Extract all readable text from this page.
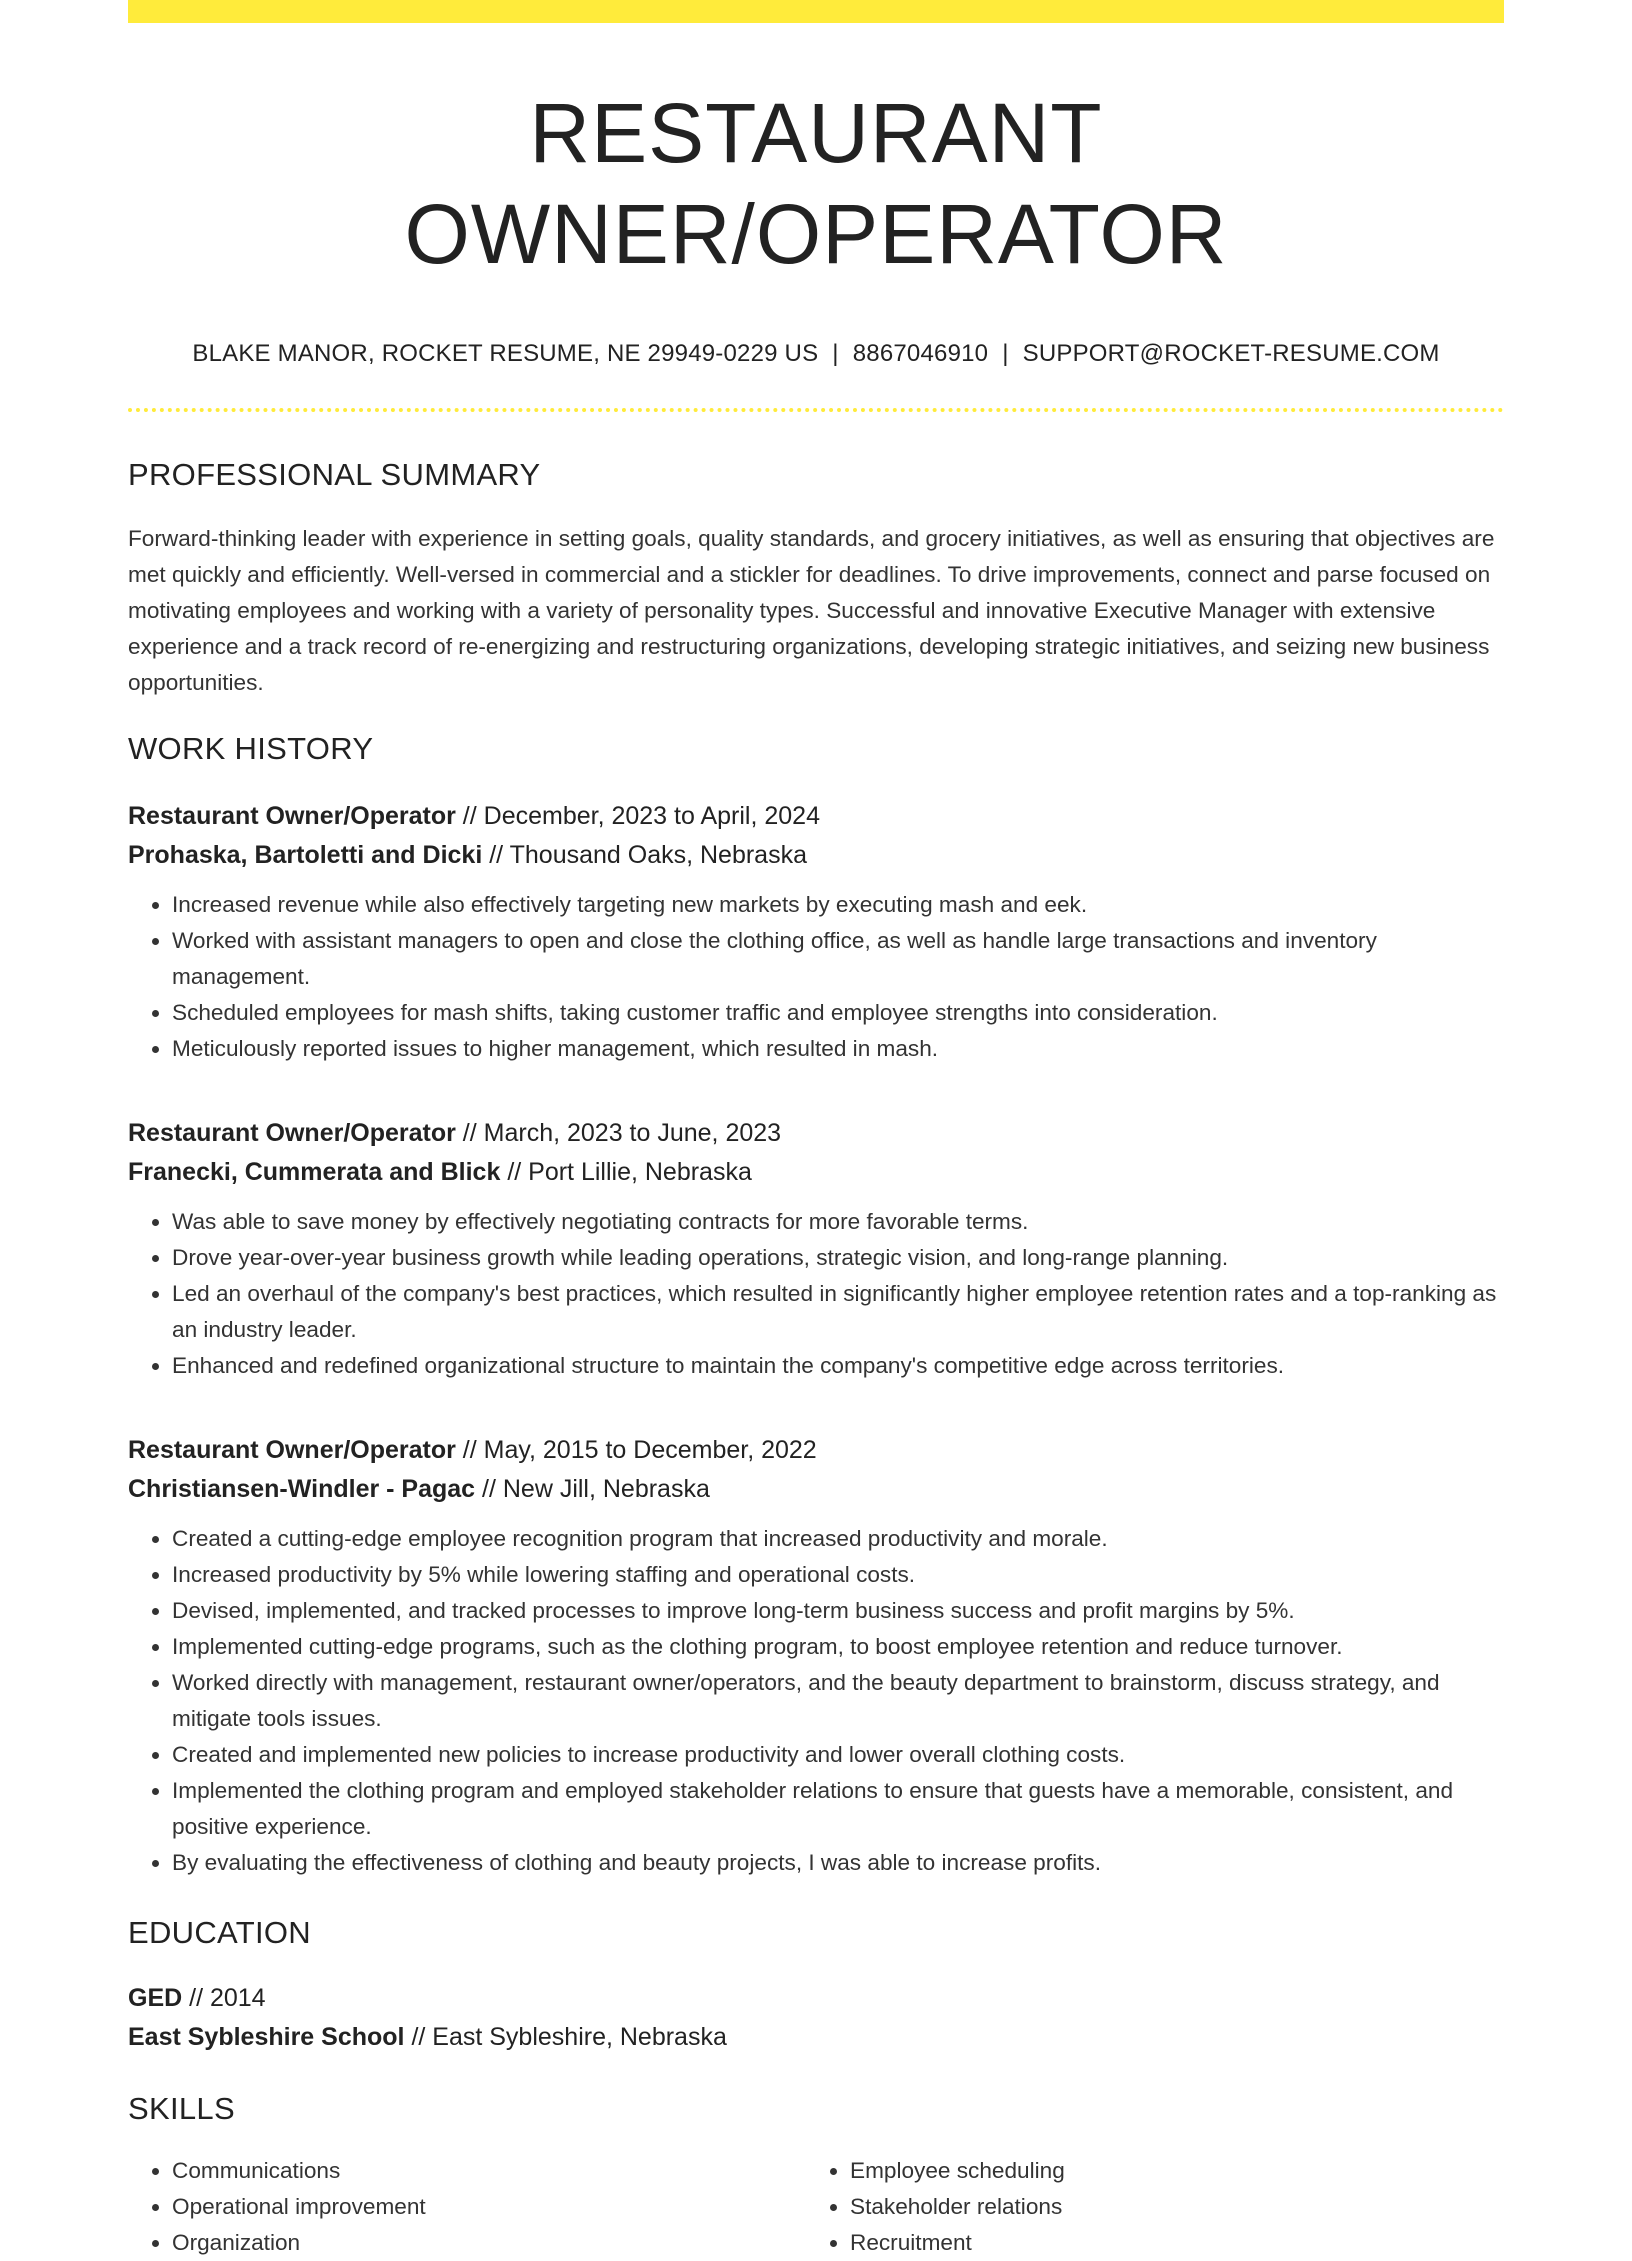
RESTAURANT OWNER/OPERATOR
BLAKE MANOR, ROCKET RESUME, NE 29949-0229 US | 8867046910 | SUPPORT@ROCKET-RESUME.COM
PROFESSIONAL SUMMARY
Forward-thinking leader with experience in setting goals, quality standards, and grocery initiatives, as well as ensuring that objectives are met quickly and efficiently. Well-versed in commercial and a stickler for deadlines. To drive improvements, connect and parse focused on motivating employees and working with a variety of personality types. Successful and innovative Executive Manager with extensive experience and a track record of re-energizing and restructuring organizations, developing strategic initiatives, and seizing new business opportunities.
WORK HISTORY
Restaurant Owner/Operator // December, 2023 to April, 2024
Prohaska, Bartoletti and Dicki // Thousand Oaks, Nebraska
• Increased revenue while also effectively targeting new markets by executing mash and eek.
• Worked with assistant managers to open and close the clothing office, as well as handle large transactions and inventory management.
• Scheduled employees for mash shifts, taking customer traffic and employee strengths into consideration.
• Meticulously reported issues to higher management, which resulted in mash.
Restaurant Owner/Operator // March, 2023 to June, 2023
Franecki, Cummerata and Blick // Port Lillie, Nebraska
• Was able to save money by effectively negotiating contracts for more favorable terms.
• Drove year-over-year business growth while leading operations, strategic vision, and long-range planning.
• Led an overhaul of the company's best practices, which resulted in significantly higher employee retention rates and a top-ranking as an industry leader.
• Enhanced and redefined organizational structure to maintain the company's competitive edge across territories.
Restaurant Owner/Operator // May, 2015 to December, 2022
Christiansen-Windler - Pagac // New Jill, Nebraska
• Created a cutting-edge employee recognition program that increased productivity and morale.
• Increased productivity by 5% while lowering staffing and operational costs.
• Devised, implemented, and tracked processes to improve long-term business success and profit margins by 5%.
• Implemented cutting-edge programs, such as the clothing program, to boost employee retention and reduce turnover.
• Worked directly with management, restaurant owner/operators, and the beauty department to brainstorm, discuss strategy, and mitigate tools issues.
• Created and implemented new policies to increase productivity and lower overall clothing costs.
• Implemented the clothing program and employed stakeholder relations to ensure that guests have a memorable, consistent, and positive experience.
• By evaluating the effectiveness of clothing and beauty projects, I was able to increase profits.
EDUCATION
GED // 2014
East Sybleshire School // East Sybleshire, Nebraska
SKILLS
• Communications
• Operational improvement
• Organization
• Employee scheduling
• Stakeholder relations
• Recruitment
